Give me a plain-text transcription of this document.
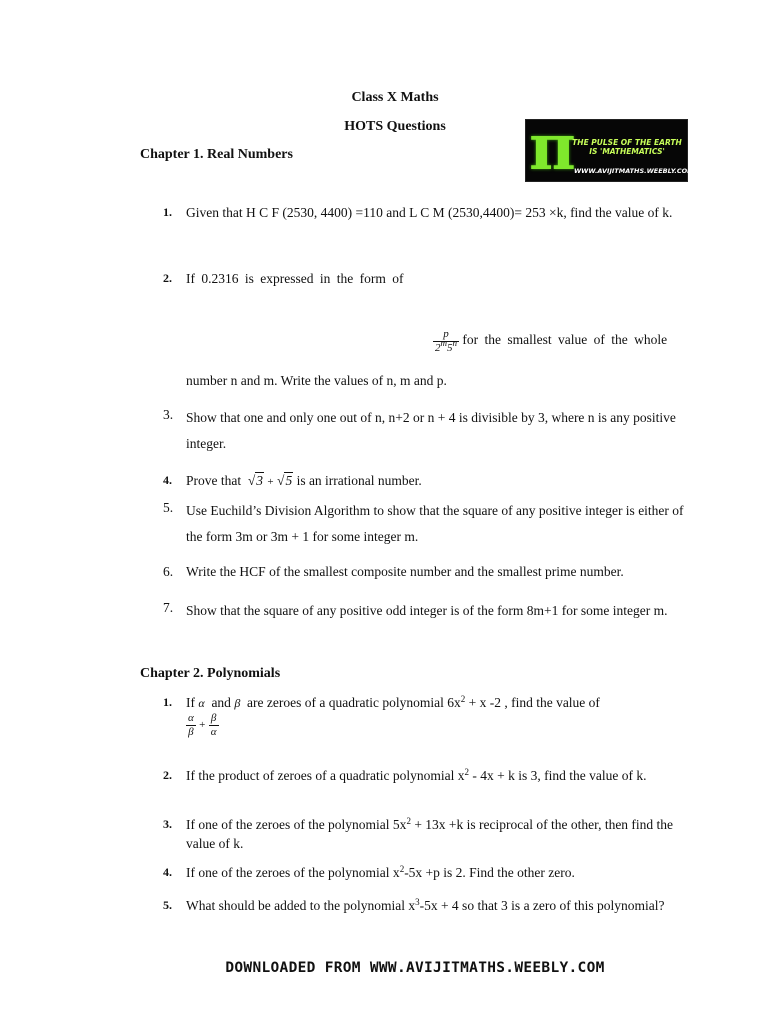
Class X Maths
HOTS Questions	π
THE PULSE OF THE EARTH IS 'MATHEMATICS'
WWW.AVIJITMATHS.WEEBLY.COM
Chapter 1. Real Numbers
1.	Given that H C F (2530, 4400) =110 and L C M (2530,4400)= 253 ×k, find the value of k.
2.	If 0.2316 is expressed in the form of
$\frac{p}{2^m5^n}$ for the smallest value of the whole
number n and m. Write the values of n, m and p.
3. Show that one and only one out of n, n+2 or n + 4 is divisible by 3, where n is any positive integer.
4.	Prove that √3 + √5 is an irrational number.
5. Use Euchild’s Division Algorithm to show that the square of any positive integer is either of the form 3m or 3m + 1 for some integer m.
6. Write the HCF of the smallest composite number and the smallest prime number.
7. Show that the square of any positive odd integer is of the form 8m+1 for some integer m.
Chapter 2. Polynomials
1.	If α and β are zeroes of a quadratic polynomial $6x^2 + x$ -2 , find the value of
$\frac{\alpha}{\beta} + \frac{\beta}{\alpha}$
2.	If the product of zeroes of a quadratic polynomial $x^2 - 4x + k$ is 3, find the value of k.
3.	If one of the zeroes of the polynomial $5x^2 + 13x +k$ is reciprocal of the other, then find the value of k.
4.	If one of the zeroes of the polynomial $x^2-5x +p$ is 2. Find the other zero.
5.	What should be added to the polynomial $x^3-5x + 4$ so that 3 is a zero of this polynomial?
DOWNLOADED FROM WWW.AVIJITMATHS.WEEBLY.COM
